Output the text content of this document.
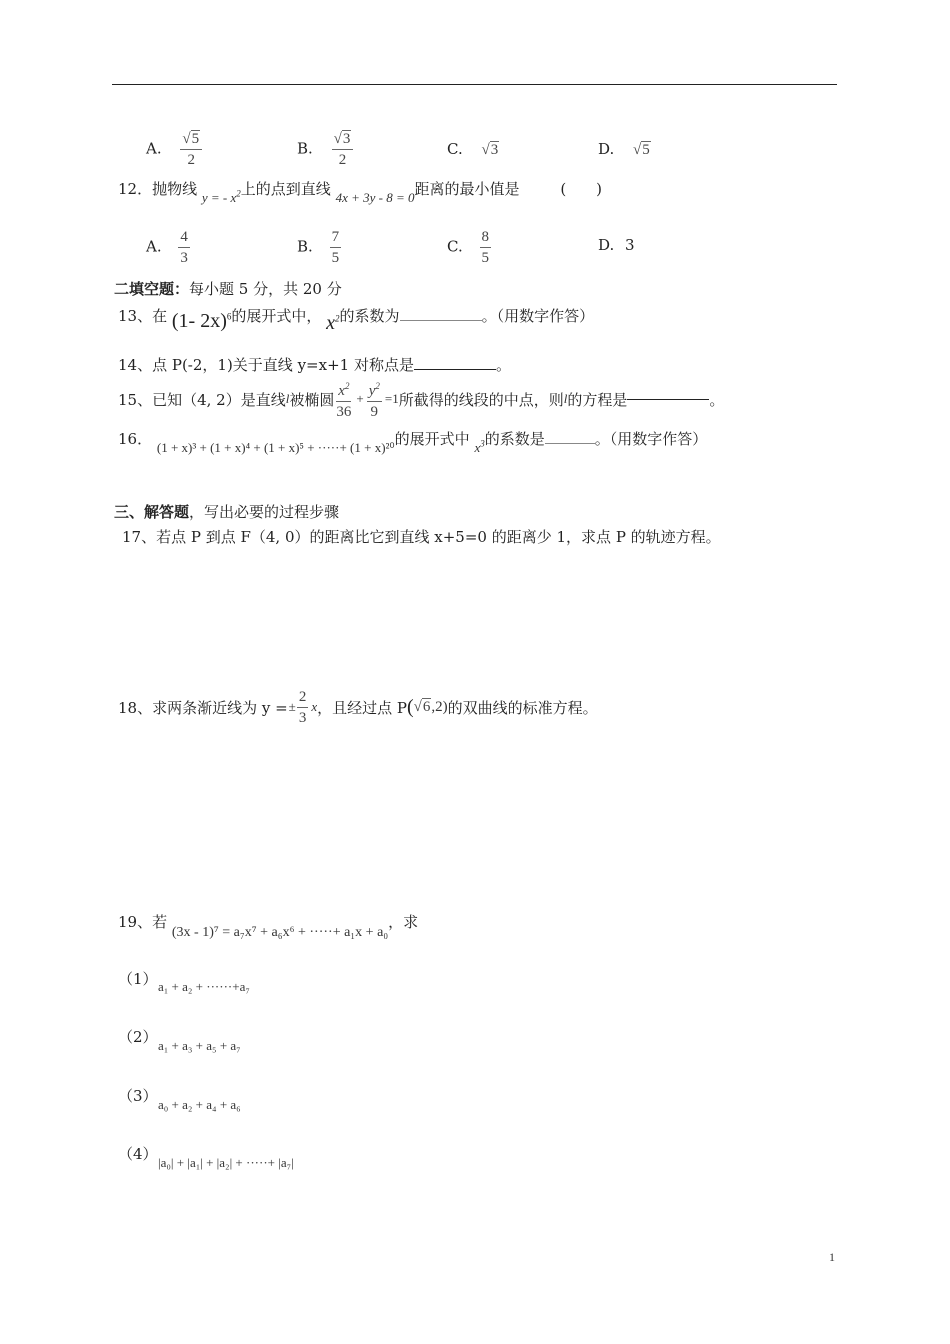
A. $\frac{√5}{2}$	B. $\frac{√3}{2}$	C. √3	D. √5
12．抛物线 y = - $x^2$上的点到直线 4x + 3y - 8 = 0距离的最小值是	(　　)
A. $\frac{4}{3}$	B. $\frac{7}{5}$	C. $\frac{8}{5}$	D. 3
二填空题：每小题 5 分，共 20 分
13、在 (1- 2x)$^6$的展开式中， $x^2$的系数为	。（用数字作答）
14、点 P(-2，1)关于直线 y=x+1 对称点是	。
15、已知（4, 2）是直线 l 被椭圆 $\frac{x^2}{36} + \frac{y^2}{9} =1$ 所截得的线段的中点，则 l 的方程是	。
16． (1 + x)³ + (1 + x)⁴ + (1 + x)⁵ + ·····+ (1 + x)²⁰的展开式中 $x^3$的系数是	。（用数字作答）
三、解答题，写出必要的过程步骤
17、若点 P 到点 F（4, 0）的距离比它到直线 x+5=0 的距离少 1，求点 P 的轨迹方程。
18、求两条渐近线为 y = ± $\frac{2}{3}$ x ，且经过点 P ( √6 ,2) 的双曲线的标准方程。
19、若 (3x - 1)⁷ = a₇x⁷ + a₆x⁶ + ·····+ a₁x + a₀，求
（1） a₁ + a₂ + ······+a₇
（2） a₁ + a₃ + a₅ + a₇
（3） a₀ + a₂ + a₄ + a₆
（4） |a₀| + |a₁| + |a₂| + ·····+ |a₇|
1
